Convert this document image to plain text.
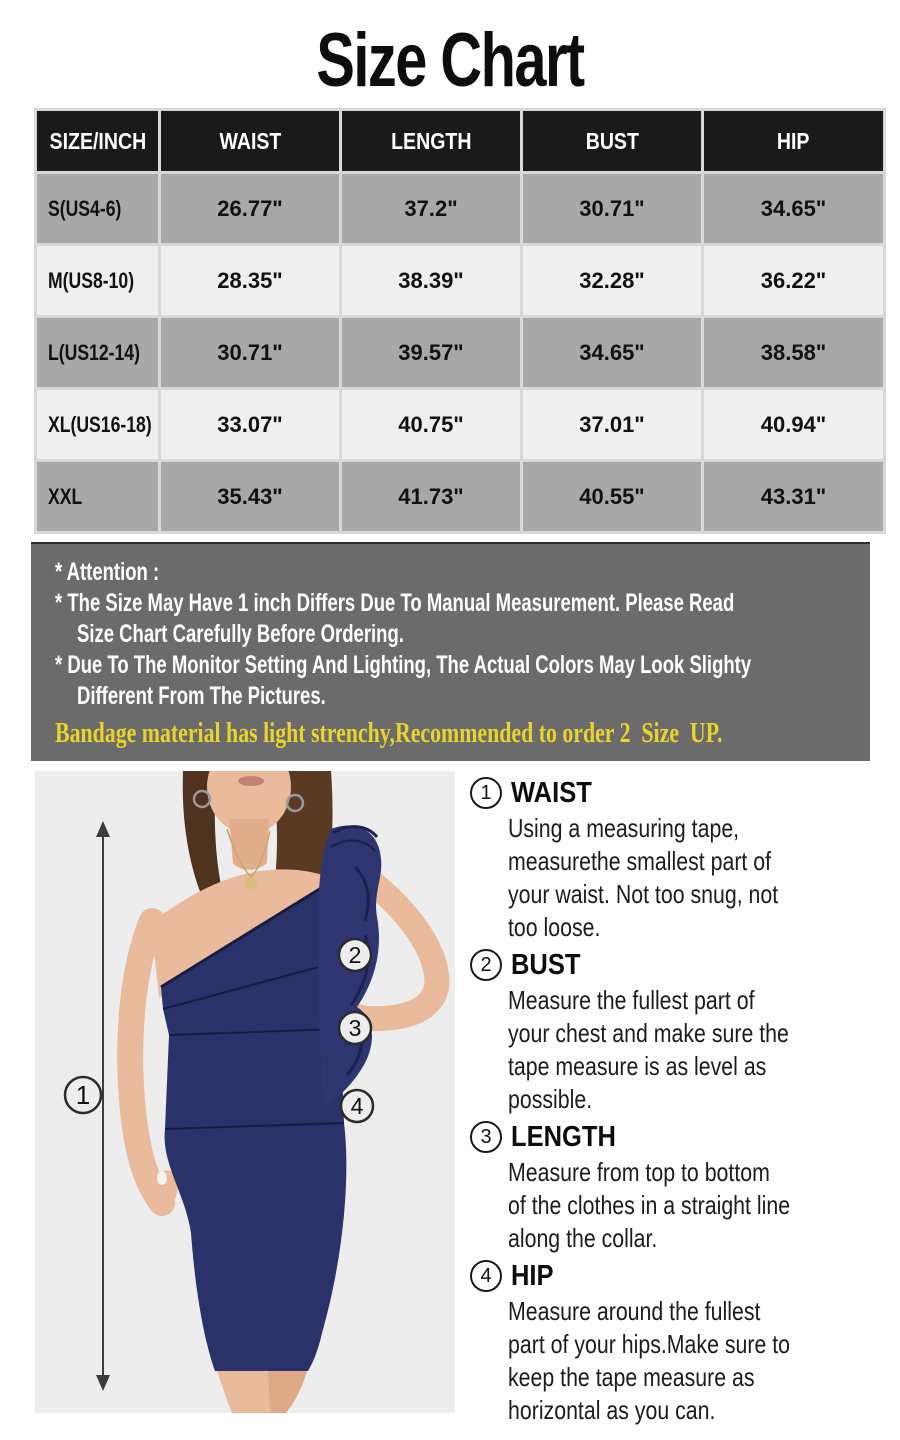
Size Chart
SIZE/INCH	WAIST	LENGTH	BUST	HIP
S(US4-6)	26.77"	37.2"	30.71"	34.65"
M(US8-10)	28.35"	38.39"	32.28"	36.22"
L(US12-14)	30.71"	39.57"	34.65"	38.58"
XL(US16-18)	33.07"	40.75"	37.01"	40.94"
XXL	35.43"	41.73"	40.55"	43.31"
* Attention :
* The Size May Have 1 inch Differs Due To Manual Measurement. Please Read
Size Chart Carefully Before Ordering.
* Due To The Monitor Setting And Lighting, The Actual Colors May Look Slighty
Different From The Pictures.
Bandage material has light strenchy,Recommended to order 2  Size  UP.
1
2
3
4
1 WAIST
Using a measuring tape,
measurethe smallest part of
your waist. Not too snug, not
too loose.
2 BUST
Measure the fullest part of
your chest and make sure the
tape measure is as level as
possible.
3 LENGTH
Measure from top to bottom
of the clothes in a straight line
along the collar.
4 HIP
Measure around the fullest
part of your hips.Make sure to
keep the tape measure as
horizontal as you can.
